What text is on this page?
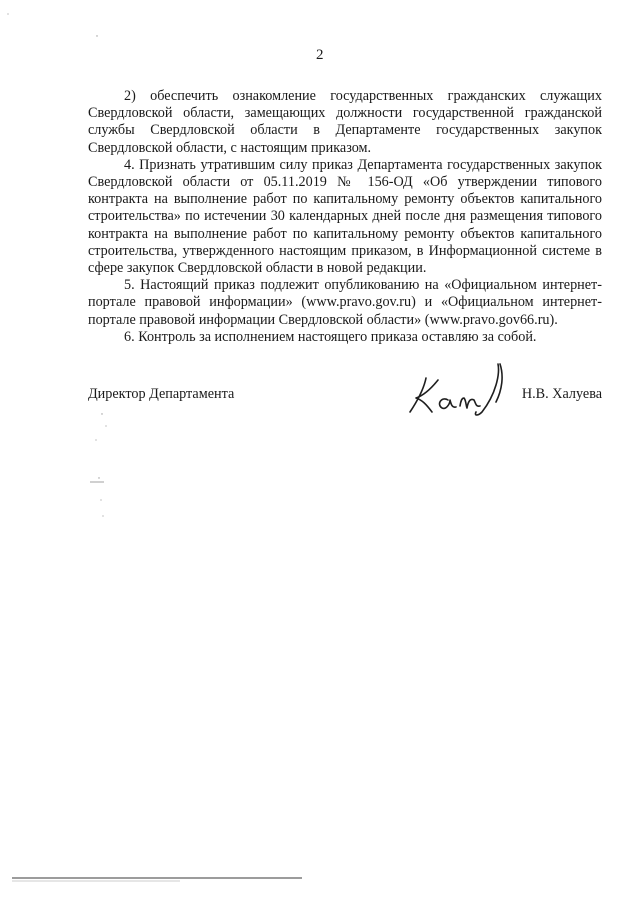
2

2) обеспечить ознакомление государственных гражданских служащих Свердловской области, замещающих должности государственной гражданской службы Свердловской области в Департаменте государственных закупок Свердловской области, с настоящим приказом.

4. Признать утратившим силу приказ Департамента государственных закупок Свердловской области от 05.11.2019 № 156-ОД «Об утверждении типового контракта на выполнение работ по капитальному ремонту объектов капитального строительства» по истечении 30 календарных дней после дня размещения типового контракта на выполнение работ по капитальному ремонту объектов капитального строительства, утвержденного настоящим приказом, в Информационной системе в сфере закупок Свердловской области в новой редакции.

5. Настоящий приказ подлежит опубликованию на «Официальном интернет-портале правовой информации» (www.pravo.gov.ru) и «Официальном интернет-портале правовой информации Свердловской области» (www.pravo.gov66.ru).

6. Контроль за исполнением настоящего приказа оставляю за собой.

Директор Департамента	Н.В. Халуева
